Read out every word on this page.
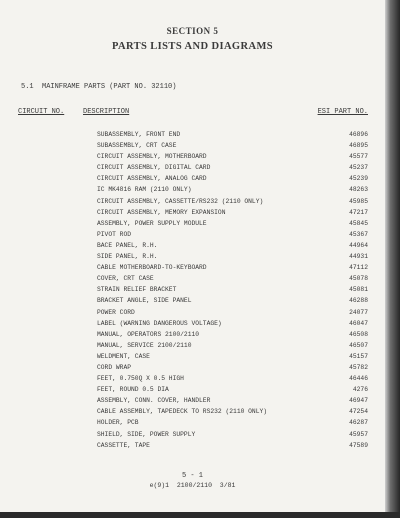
SECTION 5
PARTS LISTS AND DIAGRAMS
5.1  MAINFRAME PARTS (PART NO. 32110)
CIRCUIT NO.	DESCRIPTION	ESI PART NO.
SUBASSEMBLY, FRONT END	46896
SUBASSEMBLY, CRT CASE	46895
CIRCUIT ASSEMBLY, MOTHERBOARD	45577
CIRCUIT ASSEMBLY, DIGITAL CARD	45237
CIRCUIT ASSEMBLY, ANALOG CARD	45239
IC MK4816 RAM (2110 ONLY)	48263
CIRCUIT ASSEMBLY, CASSETTE/RS232 (2110 ONLY)	45985
CIRCUIT ASSEMBLY, MEMORY EXPANSION	47217
ASSEMBLY, POWER SUPPLY MODULE	45845
PIVOT ROD	45367
BACE PANEL, R.H.	44964
SIDE PANEL, R.H.	44931
CABLE MOTHERBOARD-TO-KEYBOARD	47112
COVER, CRT CASE	45078
STRAIN RELIEF BRACKET	45081
BRACKET ANGLE, SIDE PANEL	46288
POWER CORD	24077
LABEL (WARNING DANGEROUS VOLTAGE)	46047
MANUAL, OPERATORS 2100/2110	46508
MANUAL, SERVICE 2100/2110	46507
WELDMENT, CASE	45157
CORD WRAP	45782
FEET, 0.750Q X 0.5 HIGH	46446
FEET, ROUND 0.5 DIA	4276
ASSEMBLY, CONN. COVER, HANDLER	46947
CABLE ASSEMBLY, TAPEDECK TO RS232 (2110 ONLY)	47254
HOLDER, PCB	46287
SHIELD, SIDE, POWER SUPPLY	45957
CASSETTE, TAPE	47589
5 - 1
e(9)1  2100/2110  3/81
